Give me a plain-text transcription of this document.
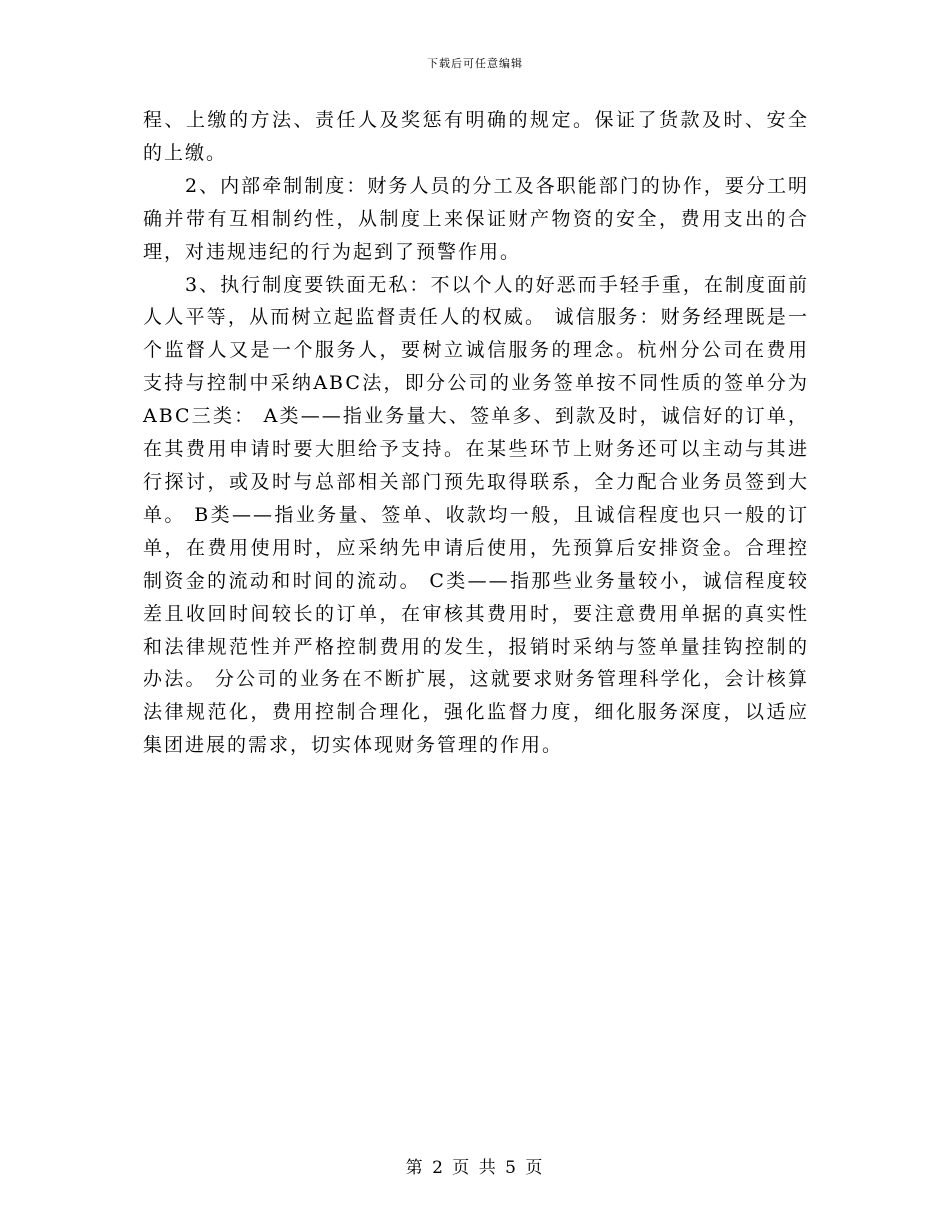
下载后可任意编辑

程、上缴的方法、责任人及奖惩有明确的规定。保证了货款及时、安全的上缴。

2、内部牵制制度：财务人员的分工及各职能部门的协作，要分工明确并带有互相制约性，从制度上来保证财产物资的安全，费用支出的合理，对违规违纪的行为起到了预警作用。

3、执行制度要铁面无私：不以个人的好恶而手轻手重，在制度面前人人平等，从而树立起监督责任人的权威。 诚信服务：财务经理既是一个监督人又是一个服务人，要树立诚信服务的理念。杭州分公司在费用支持与控制中采纳ABC法，即分公司的业务签单按不同性质的签单分为ABC三类： A类——指业务量大、签单多、到款及时，诚信好的订单，在其费用申请时要大胆给予支持。在某些环节上财务还可以主动与其进行探讨，或及时与总部相关部门预先取得联系，全力配合业务员签到大单。 B类——指业务量、签单、收款均一般，且诚信程度也只一般的订单，在费用使用时，应采纳先申请后使用，先预算后安排资金。合理控制资金的流动和时间的流动。 C类——指那些业务量较小，诚信程度较差且收回时间较长的订单，在审核其费用时，要注意费用单据的真实性和法律规范性并严格控制费用的发生，报销时采纳与签单量挂钩控制的办法。 分公司的业务在不断扩展，这就要求财务管理科学化，会计核算法律规范化，费用控制合理化，强化监督力度，细化服务深度，以适应集团进展的需求，切实体现财务管理的作用。

第 2 页 共 5 页
